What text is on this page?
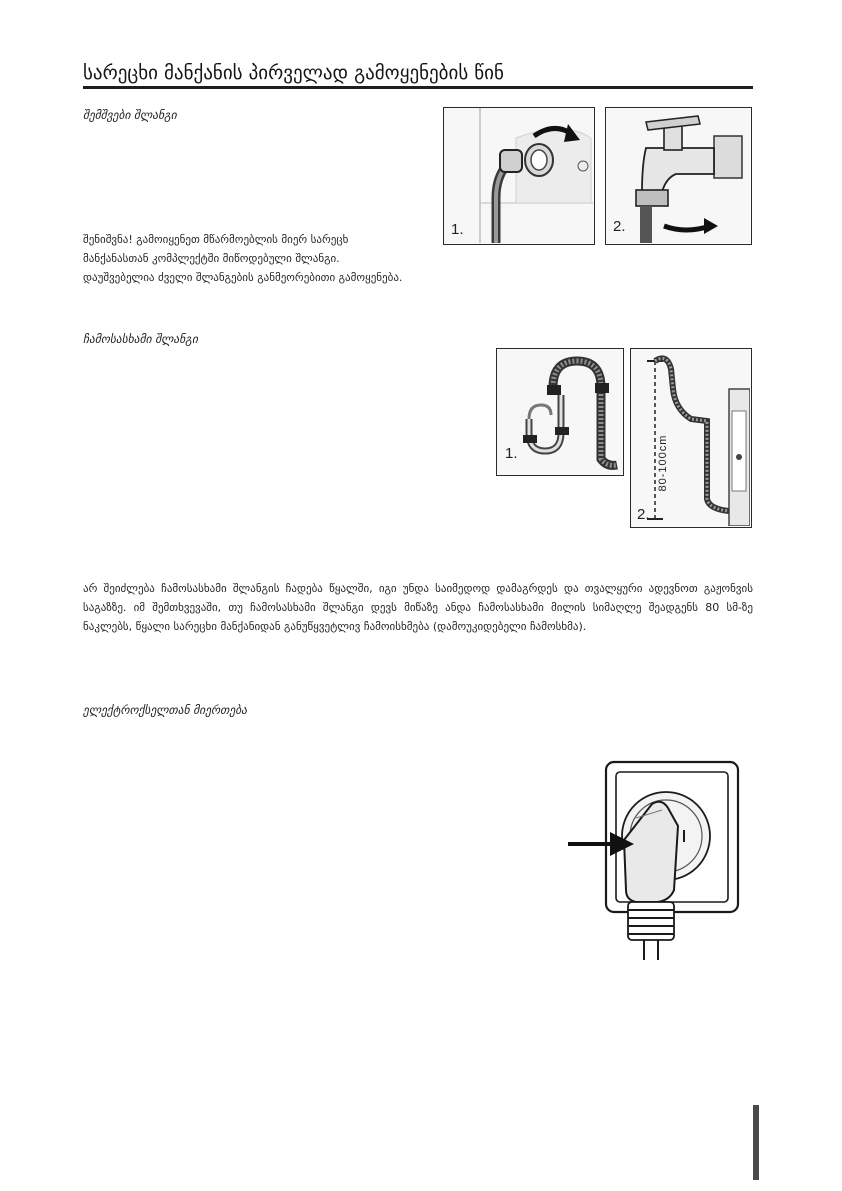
სარეცხი მანქანის პირველად გამოყენების წინ
შემშვები შლანგი
1.	2.
შენიშვნა! გამოიყენეთ მწარმოებლის მიერ სარეცხ
მანქანასთან კომპლექტში მიწოდებული შლანგი.
დაუშვებელია ძველი შლანგების განმეორებითი გამოყენება.
ჩამოსასხამი შლანგი
1.	80-100cm
2.

არ შეიძლება ჩამოსასხამი შლანგის ჩადება წყალში, იგი უნდა საიმედოდ დამაგრდეს და თვალყური ადევნოთ გაჟონვის საგაზზე. იმ შემთხვევაში, თუ ჩამოსასხამი შლანგი დევს მიწაზე ანდა ჩამოსასხამი მილის სიმაღლე შეადგენს 80 სმ-ზე ნაკლებს, წყალი სარეცხი მანქანიდან განუწყვეტლივ ჩამოისხმება (დამოუკიდებელი ჩამოსხმა).

ელექტროქსელთან მიერთება
